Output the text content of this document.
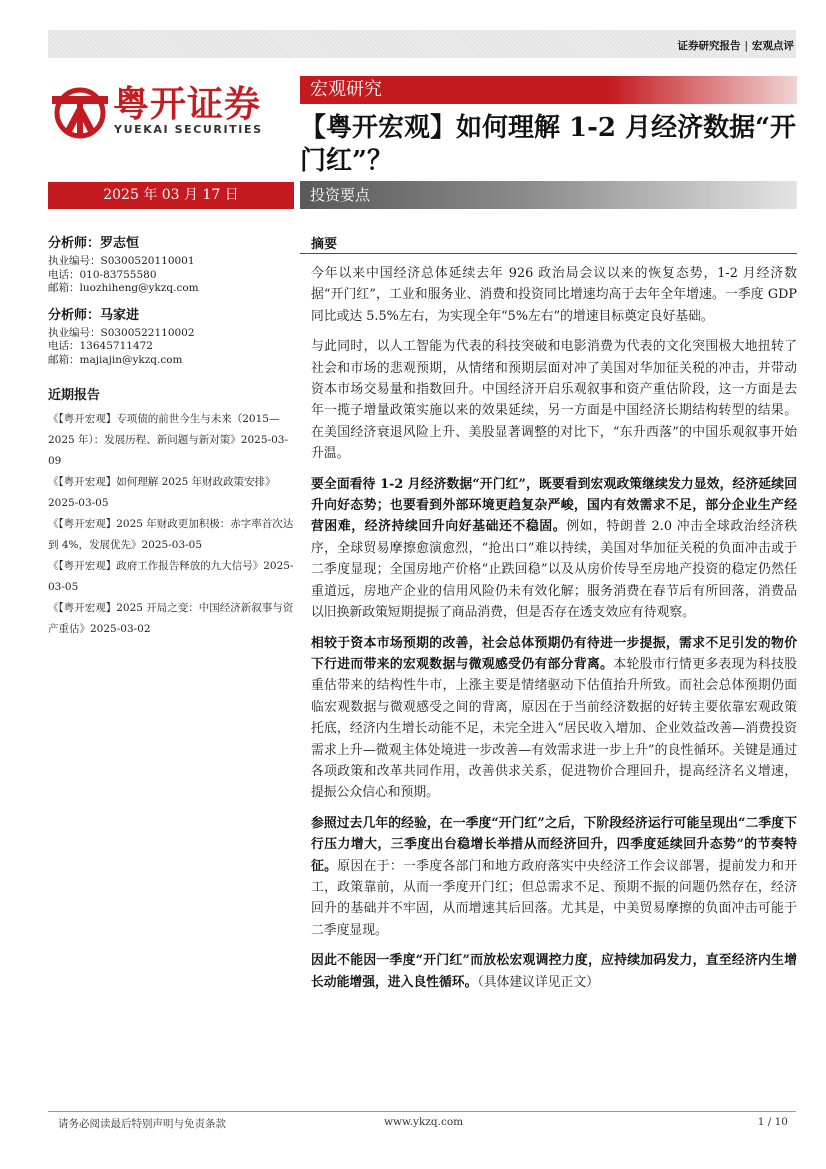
证券研究报告 | 宏观点评
粤开证券
YUEKAI SECURITIES
宏观研究
【粤开宏观】如何理解 1-2 月经济数据“开门红”？
2025 年 03 月 17 日	投资要点
分析师：罗志恒
执业编号：S0300520110001
电话：010-83755580
邮箱：luozhiheng@ykzq.com
分析师：马家进
执业编号：S0300522110002
电话：13645711472
邮箱：majiajin@ykzq.com
近期报告
《【粤开宏观】专项债的前世今生与未来（2015—2025 年）：发展历程、新问题与新对策》2025-03-09
《【粤开宏观】如何理解 2025 年财政政策安排》2025-03-05
《【粤开宏观】2025 年财政更加积极：赤字率首次达到 4%，发展优先》2025-03-05
《【粤开宏观】政府工作报告释放的九大信号》2025-03-05
《【粤开宏观】2025 开局之变：中国经济新叙事与资产重估》2025-03-02
摘要

今年以来中国经济总体延续去年 926 政治局会议以来的恢复态势，1-2 月经济数据“开门红”，工业和服务业、消费和投资同比增速均高于去年全年增速。一季度 GDP 同比或达 5.5%左右，为实现全年“5%左右”的增速目标奠定良好基础。

与此同时，以人工智能为代表的科技突破和电影消费为代表的文化突围极大地扭转了社会和市场的悲观预期，从情绪和预期层面对冲了美国对华加征关税的冲击，并带动资本市场交易量和指数回升。中国经济开启乐观叙事和资产重估阶段，这一方面是去年一揽子增量政策实施以来的效果延续，另一方面是中国经济长期结构转型的结果。在美国经济衰退风险上升、美股显著调整的对比下，“东升西落”的中国乐观叙事开始升温。

要全面看待 1-2 月经济数据“开门红”，既要看到宏观政策继续发力显效，经济延续回升向好态势；也要看到外部环境更趋复杂严峻，国内有效需求不足，部分企业生产经营困难，经济持续回升向好基础还不稳固。例如，特朗普 2.0 冲击全球政治经济秩序，全球贸易摩擦愈演愈烈，“抢出口”难以持续，美国对华加征关税的负面冲击或于二季度显现；全国房地产价格“止跌回稳”以及从房价传导至房地产投资的稳定仍然任重道远，房地产企业的信用风险仍未有效化解；服务消费在春节后有所回落，消费品以旧换新政策短期提振了商品消费，但是否存在透支效应有待观察。

相较于资本市场预期的改善，社会总体预期仍有待进一步提振，需求不足引发的物价下行进而带来的宏观数据与微观感受仍有部分背离。本轮股市行情更多表现为科技股重估带来的结构性牛市，上涨主要是情绪驱动下估值抬升所致。而社会总体预期仍面临宏观数据与微观感受之间的背离，原因在于当前经济数据的好转主要依靠宏观政策托底，经济内生增长动能不足，未完全进入“居民收入增加、企业效益改善—消费投资需求上升—微观主体处境进一步改善—有效需求进一步上升”的良性循环。关键是通过各项政策和改革共同作用，改善供求关系，促进物价合理回升，提高经济名义增速，提振公众信心和预期。

参照过去几年的经验，在一季度“开门红”之后，下阶段经济运行可能呈现出“二季度下行压力增大，三季度出台稳增长举措从而经济回升，四季度延续回升态势”的节奏特征。原因在于：一季度各部门和地方政府落实中央经济工作会议部署，提前发力和开工，政策靠前，从而一季度开门红；但总需求不足、预期不振的问题仍然存在，经济回升的基础并不牢固，从而增速其后回落。尤其是，中美贸易摩擦的负面冲击可能于二季度显现。

因此不能因一季度“开门红”而放松宏观调控力度，应持续加码发力，直至经济内生增长动能增强，进入良性循环。（具体建议详见正文）

请务必阅读最后特别声明与免责条款	www.ykzq.com	1 / 10
